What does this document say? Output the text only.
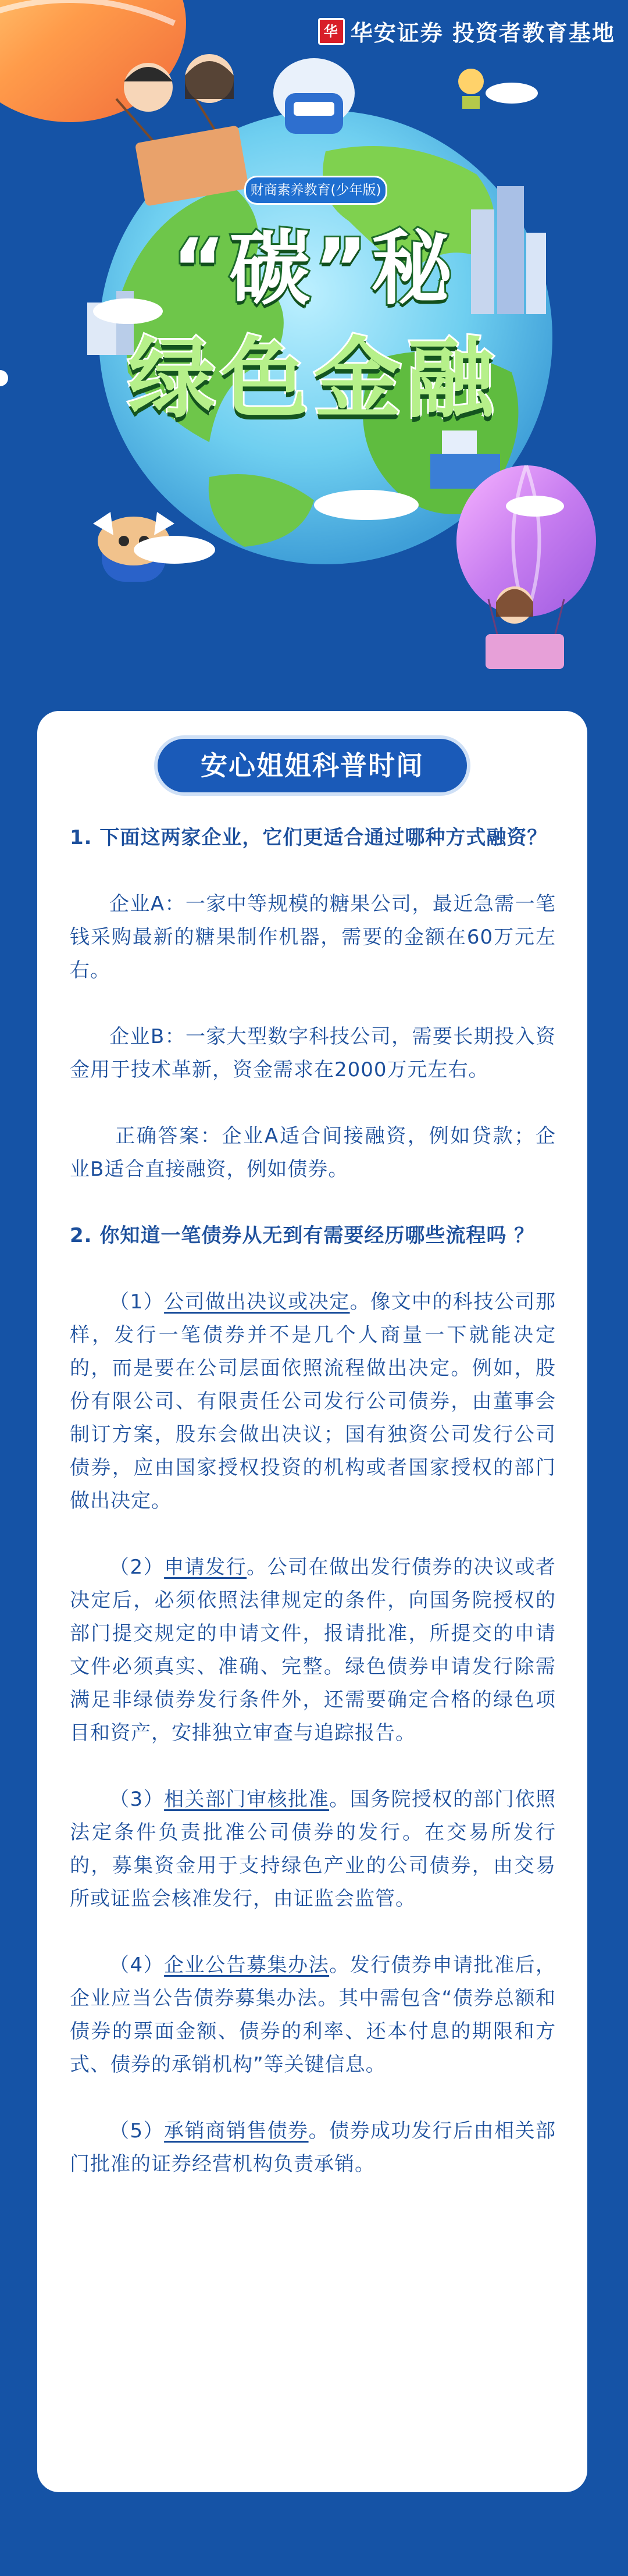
华 华安证券 投资者教育基地
财商素养教育(少年版)
“碳”秘
绿色金融
安心姐姐科普时间

1. 下面这两家企业，它们更适合通过哪种方式融资？

企业A：一家中等规模的糖果公司，最近急需一笔钱采购最新的糖果制作机器，需要的金额在60万元左右。

企业B：一家大型数字科技公司，需要长期投入资金用于技术革新，资金需求在2000万元左右。

正确答案：企业A适合间接融资，例如贷款；企业B适合直接融资，例如债券。

2. 你知道一笔债券从无到有需要经历哪些流程吗 ？

（1）公司做出决议或决定。像文中的科技公司那样，发行一笔债券并不是几个人商量一下就能决定的，而是要在公司层面依照流程做出决定。例如，股份有限公司、有限责任公司发行公司债券，由董事会制订方案，股东会做出决议；国有独资公司发行公司债券，应由国家授权投资的机构或者国家授权的部门做出决定。

（2）申请发行。公司在做出发行债券的决议或者决定后，必须依照法律规定的条件，向国务院授权的部门提交规定的申请文件，报请批准，所提交的申请文件必须真实、准确、完整。绿色债券申请发行除需满足非绿债券发行条件外，还需要确定合格的绿色项目和资产，安排独立审查与追踪报告。

（3）相关部门审核批准。国务院授权的部门依照法定条件负责批准公司债券的发行。在交易所发行的，募集资金用于支持绿色产业的公司债券，由交易所或证监会核准发行，由证监会监管。

（4）企业公告募集办法。发行债券申请批准后，企业应当公告债券募集办法。其中需包含“债券总额和债券的票面金额、债券的利率、还本付息的期限和方式、债券的承销机构”等关键信息。

（5）承销商销售债券。债券成功发行后由相关部门批准的证券经营机构负责承销。
